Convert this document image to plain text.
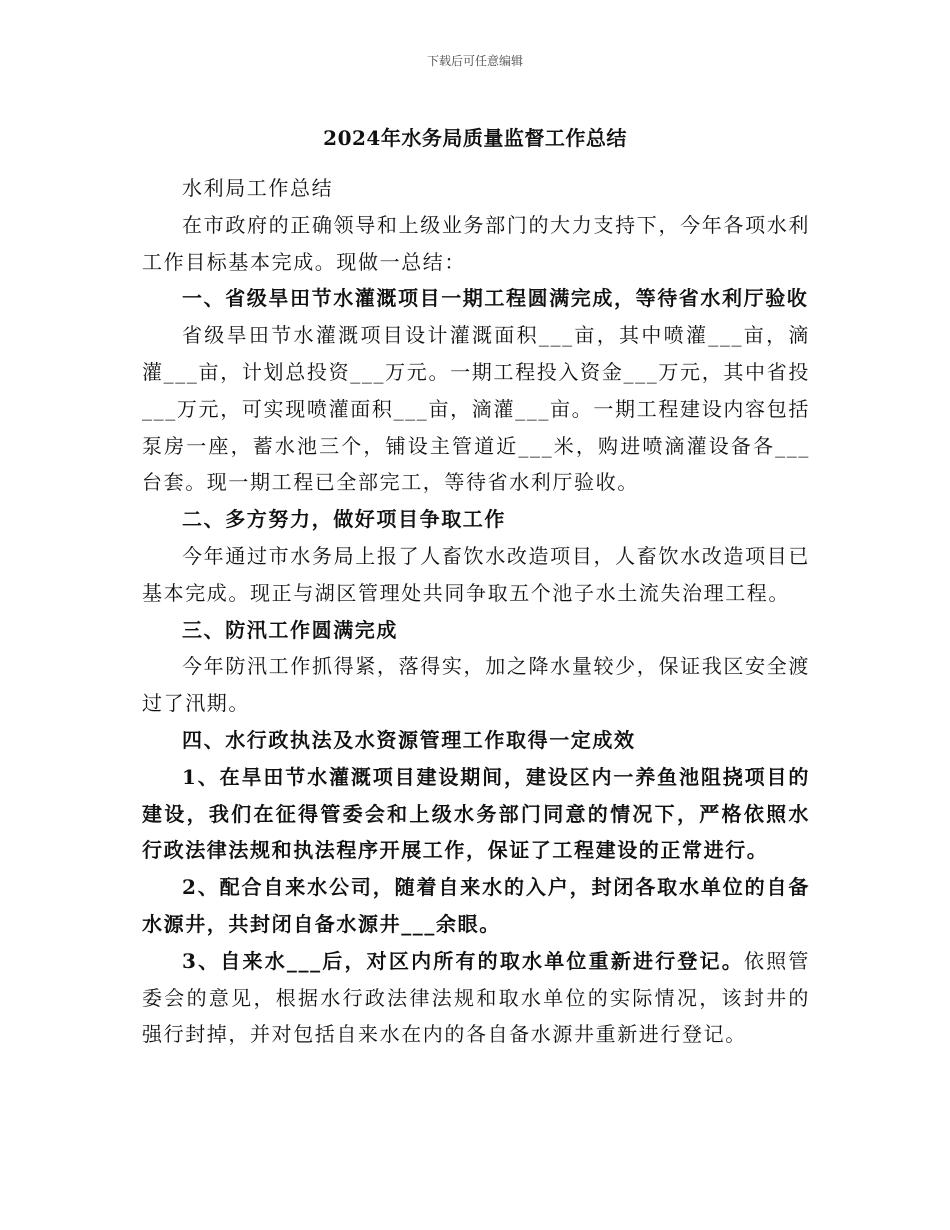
下载后可任意编辑
2024年水务局质量监督工作总结

水利局工作总结

在市政府的正确领导和上级业务部门的大力支持下，今年各项水利工作目标基本完成。现做一总结：

一、省级旱田节水灌溉项目一期工程圆满完成，等待省水利厅验收

省级旱田节水灌溉项目设计灌溉面积___亩，其中喷灌___亩，滴灌___亩，计划总投资___万元。一期工程投入资金___万元，其中省投___万元，可实现喷灌面积___亩，滴灌___亩。一期工程建设内容包括泵房一座，蓄水池三个，铺设主管道近___米，购进喷滴灌设备各___台套。现一期工程已全部完工，等待省水利厅验收。

二、多方努力，做好项目争取工作

今年通过市水务局上报了人畜饮水改造项目，人畜饮水改造项目已基本完成。现正与湖区管理处共同争取五个池子水土流失治理工程。

三、防汛工作圆满完成

今年防汛工作抓得紧，落得实，加之降水量较少，保证我区安全渡过了汛期。

四、水行政执法及水资源管理工作取得一定成效

1、在旱田节水灌溉项目建设期间，建设区内一养鱼池阻挠项目的建设，我们在征得管委会和上级水务部门同意的情况下，严格依照水行政法律法规和执法程序开展工作，保证了工程建设的正常进行。

2、配合自来水公司，随着自来水的入户，封闭各取水单位的自备水源井，共封闭自备水源井___余眼。

3、自来水___后，对区内所有的取水单位重新进行登记。依照管委会的意见，根据水行政法律法规和取水单位的实际情况，该封井的强行封掉，并对包括自来水在内的各自备水源井重新进行登记。
